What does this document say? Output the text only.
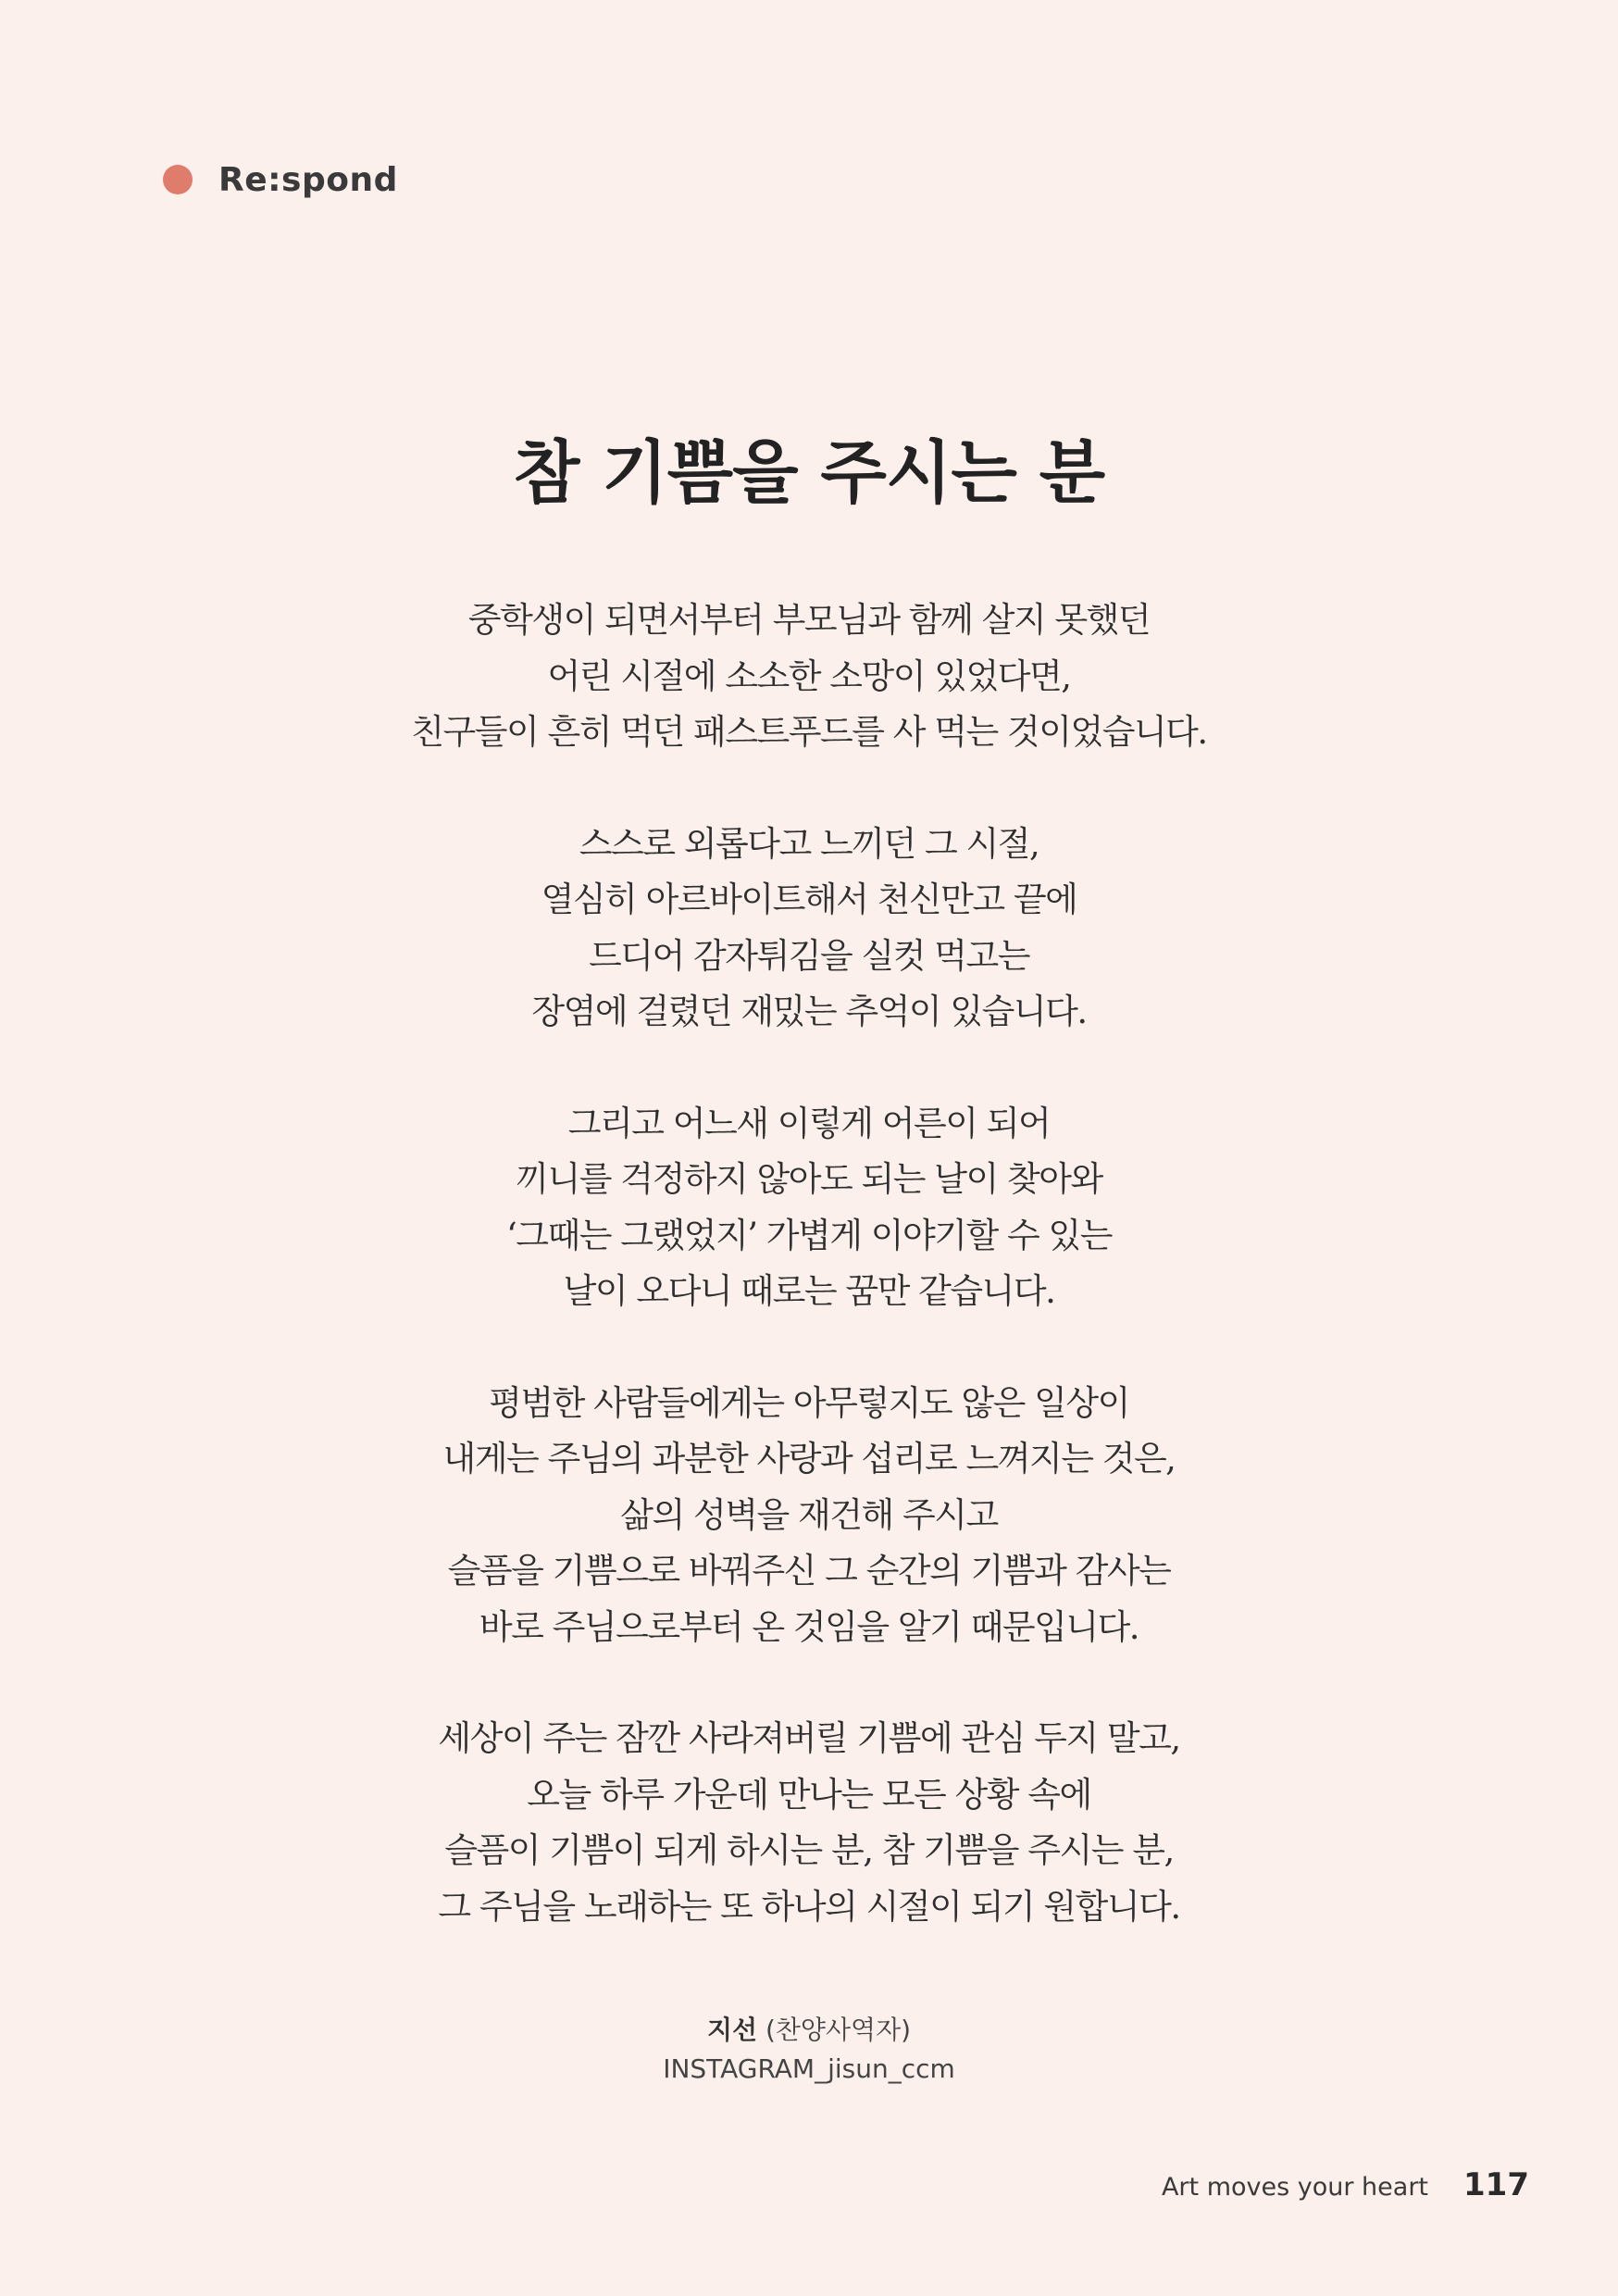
Re:spond
참 기쁨을 주시는 분
중학생이 되면서부터 부모님과 함께 살지 못했던
어린 시절에 소소한 소망이 있었다면,
친구들이 흔히 먹던 패스트푸드를 사 먹는 것이었습니다.
스스로 외롭다고 느끼던 그 시절,
열심히 아르바이트해서 천신만고 끝에
드디어 감자튀김을 실컷 먹고는
장염에 걸렸던 재밌는 추억이 있습니다.
그리고 어느새 이렇게 어른이 되어
끼니를 걱정하지 않아도 되는 날이 찾아와
‘그때는 그랬었지’ 가볍게 이야기할 수 있는
날이 오다니 때로는 꿈만 같습니다.
평범한 사람들에게는 아무렇지도 않은 일상이
내게는 주님의 과분한 사랑과 섭리로 느껴지는 것은,
삶의 성벽을 재건해 주시고
슬픔을 기쁨으로 바꿔주신 그 순간의 기쁨과 감사는
바로 주님으로부터 온 것임을 알기 때문입니다.
세상이 주는 잠깐 사라져버릴 기쁨에 관심 두지 말고,
오늘 하루 가운데 만나는 모든 상황 속에
슬픔이 기쁨이 되게 하시는 분, 참 기쁨을 주시는 분,
그 주님을 노래하는 또 하나의 시절이 되기 원합니다.
지선 (찬양사역자)
INSTAGRAM_jisun_ccm
Art moves your heart 117
